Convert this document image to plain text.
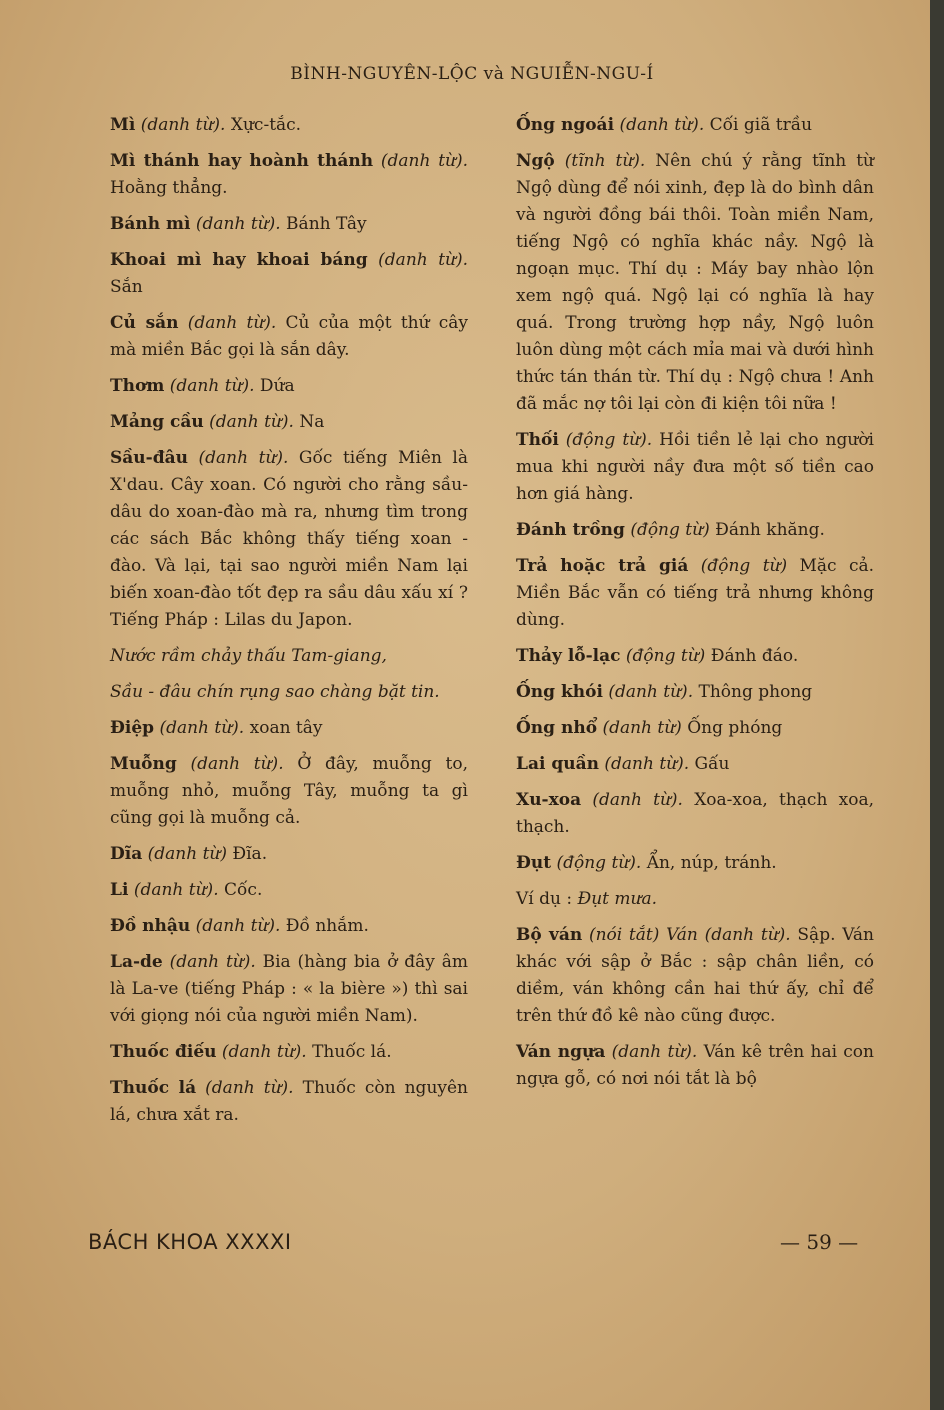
BÌNH-NGUYÊN-LỘC và NGUIỄN-NGU-Í
Mì (danh từ). Xực-tắc.
Mì thánh hay hoành thánh (danh từ). Hoằng thẳng.
Bánh mì (danh từ). Bánh Tây
Khoai mì hay khoai báng (danh từ). Sắn
Củ sắn (danh từ). Củ của một thứ cây mà miền Bắc gọi là sắn dây.
Thơm (danh từ). Dứa
Mảng cầu (danh từ). Na
Sầu-đâu (danh từ). Gốc tiếng Miên là X'dau. Cây xoan. Có người cho rằng sầu-dâu do xoan-đào mà ra, nhưng tìm trong các sách Bắc không thấy tiếng xoan - đào. Và lại, tại sao người miền Nam lại biến xoan-đào tốt đẹp ra sầu dâu xấu xí ? Tiếng Pháp : Lilas du Japon.
Nước rầm chảy thấu Tam-giang,
Sầu - đâu chín rụng sao chàng bặt tin.
Điệp (danh từ). xoan tây
Muỗng (danh từ). Ở đây, muỗng to, muỗng nhỏ, muỗng Tây, muỗng ta gì cũng gọi là muỗng cả.
Dĩa (danh từ) Đĩa.
Li (danh từ). Cốc.
Đồ nhậu (danh từ). Đồ nhắm.
La-de (danh từ). Bia (hàng bia ở đây âm là La-ve (tiếng Pháp : « la bière ») thì sai với giọng nói của người miền Nam).
Thuốc điếu (danh từ). Thuốc lá.
Thuốc lá (danh từ). Thuốc còn nguyên lá, chưa xắt ra.
Ống ngoái (danh từ). Cối giã trầu
Ngộ (tĩnh từ). Nên chú ý rằng tĩnh từ Ngộ dùng để nói xinh, đẹp là do bình dân và người đồng bái thôi. Toàn miền Nam, tiếng Ngộ có nghĩa khác nầy. Ngộ là ngoạn mục. Thí dụ : Máy bay nhào lộn xem ngộ quá. Ngộ lại có nghĩa là hay quá. Trong trường hợp nầy, Ngộ luôn luôn dùng một cách mỉa mai và dưới hình thức tán thán từ. Thí dụ : Ngộ chưa ! Anh đã mắc nợ tôi lại còn đi kiện tôi nữa !
Thối (động từ). Hồi tiền lẻ lại cho người mua khi người nầy đưa một số tiền cao hơn giá hàng.
Đánh trồng (động từ) Đánh khăng.
Trả hoặc trả giá (động từ) Mặc cả. Miền Bắc vẫn có tiếng trả nhưng không dùng.
Thảy lỗ-lạc (động từ) Đánh đáo.
Ống khói (danh từ). Thông phong
Ống nhổ (danh từ) Ống phóng
Lai quần (danh từ). Gấu
Xu-xoa (danh từ). Xoa-xoa, thạch xoa, thạch.
Đụt (động từ). Ẩn, núp, tránh.
Ví dụ : Đụt mưa.
Bộ ván (nói tắt) Ván (danh từ). Sập. Ván khác với sập ở Bắc : sập chân liền, có diềm, ván không cần hai thứ ấy, chỉ để trên thứ đồ kê nào cũng được.
Ván ngựa (danh từ). Ván kê trên hai con ngựa gỗ, có nơi nói tắt là bộ
BÁCH KHOA XXXXI	— 59 —
